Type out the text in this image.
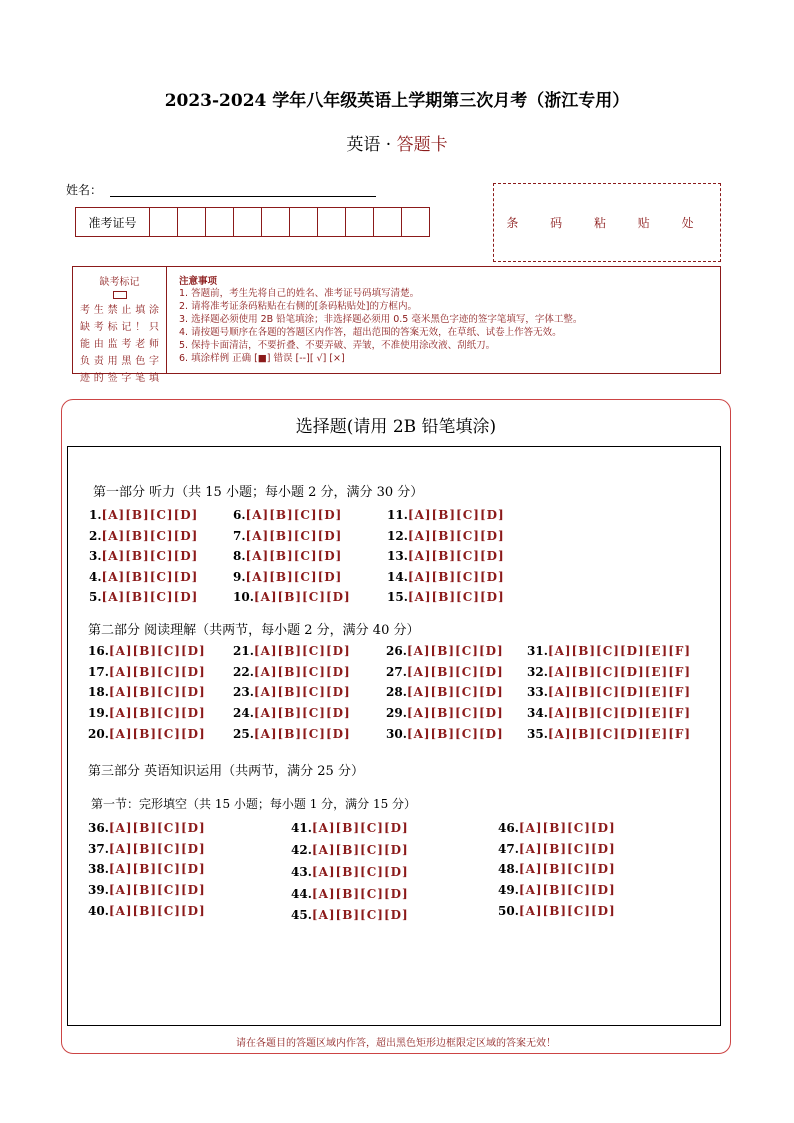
2023-2024 学年八年级英语上学期第三次月考（浙江专用）
英语 · 答题卡
姓名：
准考证号	条 码 粘 贴 处
缺考标记
考生禁止填涂
缺考标记！只
能由监考老师
负责用黑色字
迹的签字笔填
注意事项
1. 答题前，考生先将自己的姓名、准考证号码填写清楚。
2. 请将准考证条码粘贴在右侧的[条码粘贴处]的方框内。
3. 选择题必须使用 2B 铅笔填涂；非选择题必须用 0.5 毫米黑色字迹的签字笔填写，字体工整。
4. 请按题号顺序在各题的答题区内作答，超出范围的答案无效，在草纸、试卷上作答无效。
5. 保持卡面清洁，不要折叠、不要弄破、弄皱，不准使用涂改液、刮纸刀。
6. 填涂样例 正确 [■] 错误 [--][ √] [×]
选择题(请用 2B 铅笔填涂)
第一部分 听力（共 15 小题；每小题 2 分，满分 30 分）
第二部分 阅读理解（共两节，每小题 2 分，满分 40 分）
第三部分 英语知识运用（共两节，满分 25 分）
第一节：完形填空（共 15 小题；每小题 1 分，满分 15 分）
1.[A][B][C][D]
2.[A][B][C][D]
3.[A][B][C][D]
4.[A][B][C][D]
5.[A][B][C][D]
6.[A][B][C][D]
7.[A][B][C][D]
8.[A][B][C][D]
9.[A][B][C][D]
10.[A][B][C][D]
11.[A][B][C][D]
12.[A][B][C][D]
13.[A][B][C][D]
14.[A][B][C][D]
15.[A][B][C][D]
16.[A][B][C][D]
17.[A][B][C][D]
18.[A][B][C][D]
19.[A][B][C][D]
20.[A][B][C][D]
21.[A][B][C][D]
22.[A][B][C][D]
23.[A][B][C][D]
24.[A][B][C][D]
25.[A][B][C][D]
26.[A][B][C][D]
27.[A][B][C][D]
28.[A][B][C][D]
29.[A][B][C][D]
30.[A][B][C][D]
31.[A][B][C][D][E][F]
32.[A][B][C][D][E][F]
33.[A][B][C][D][E][F]
34.[A][B][C][D][E][F]
35.[A][B][C][D][E][F]
36.[A][B][C][D]
37.[A][B][C][D]
38.[A][B][C][D]
39.[A][B][C][D]
40.[A][B][C][D]
41.[A][B][C][D]
42.[A][B][C][D]
43.[A][B][C][D]
44.[A][B][C][D]
45.[A][B][C][D]
46.[A][B][C][D]
47.[A][B][C][D]
48.[A][B][C][D]
49.[A][B][C][D]
50.[A][B][C][D]
请在各题目的答题区域内作答，超出黑色矩形边框限定区域的答案无效！
